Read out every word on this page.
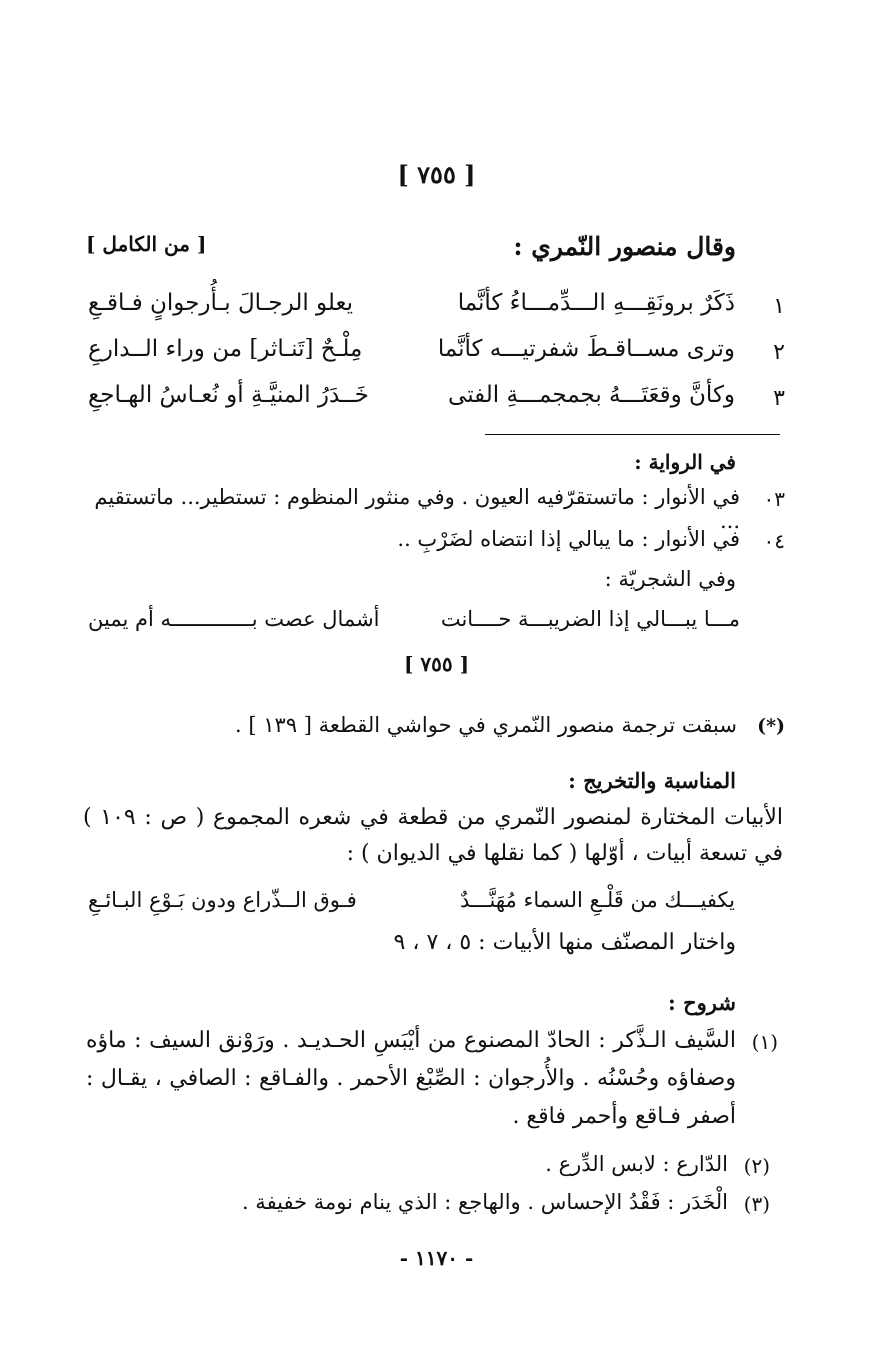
[ ٧٥٥ ]
وقال منصور النّمري :
[ من الكامل ]
١
ذَكَرٌ برونَقِـــهِ الـــدِّمـــاءُ كأنَّما
يعلو الرجـالَ بـأُرجوانٍ فـاقـعِ
٢
وترى مســاقـطَ شفرتيـــه كأنَّما
مِلْـحٌ [تَنـاثر] من وراء الــدارعِ
٣
وكأنَّ وقعَتَـــهُ بجمجمـــةِ الفتى
خَــدَرُ المنيَّـةِ أو نُعـاسُ الهـاجعِ
في الرواية :
٠٣
في الأنوار : ماتستقرّفيه العيون . وفي منثور المنظوم : تستطير... ماتستقيم ...
٠٤
في الأنوار : ما يبالي إذا انتضاه لضَرْبِ ..
وفي الشجريّة :
مـــا يبـــالي إذا الضريبـــة حــــانت
أشمال عصت بـــــــــــــه أم يمين
[ ٧٥٥ ]
(*)
سبقت ترجمة منصور النّمري في حواشي القطعة [ ١٣٩ ] .
المناسبة والتخريج :
الأبيات المختارة لمنصور النّمري من قطعة في شعره المجموع ( ص : ١٠٩ ) في تسعة أبيات ، أوّلها ( كما نقلها في الديوان ) :
يكفيـــك من قَلْـعِ السماء مُهَنَّـــدٌ
فـوق الــذّراع ودون بَـوْعِ البـائـعِ
واختار المصنّف منها الأبيات : ٥ ، ٧ ، ٩
شروح :
(١)
السَّيف الـذَّكر : الحادّ المصنوع من أيْبَسِ الحـديـد . ورَوْنق السيف : ماؤه وصفاؤه وحُسْنُه . والأُرجوان : الصِّبْغ الأحمر . والفـاقع : الصافي ، يقـال : أصفر فـاقع وأحمر فاقع .
(٢)
الدّارع : لابس الدِّرع .
(٣)
الْخَدَر : فَقْدُ الإحساس . والهاجع : الذي ينام نومة خفيفة .
- ١١٧٠ -
